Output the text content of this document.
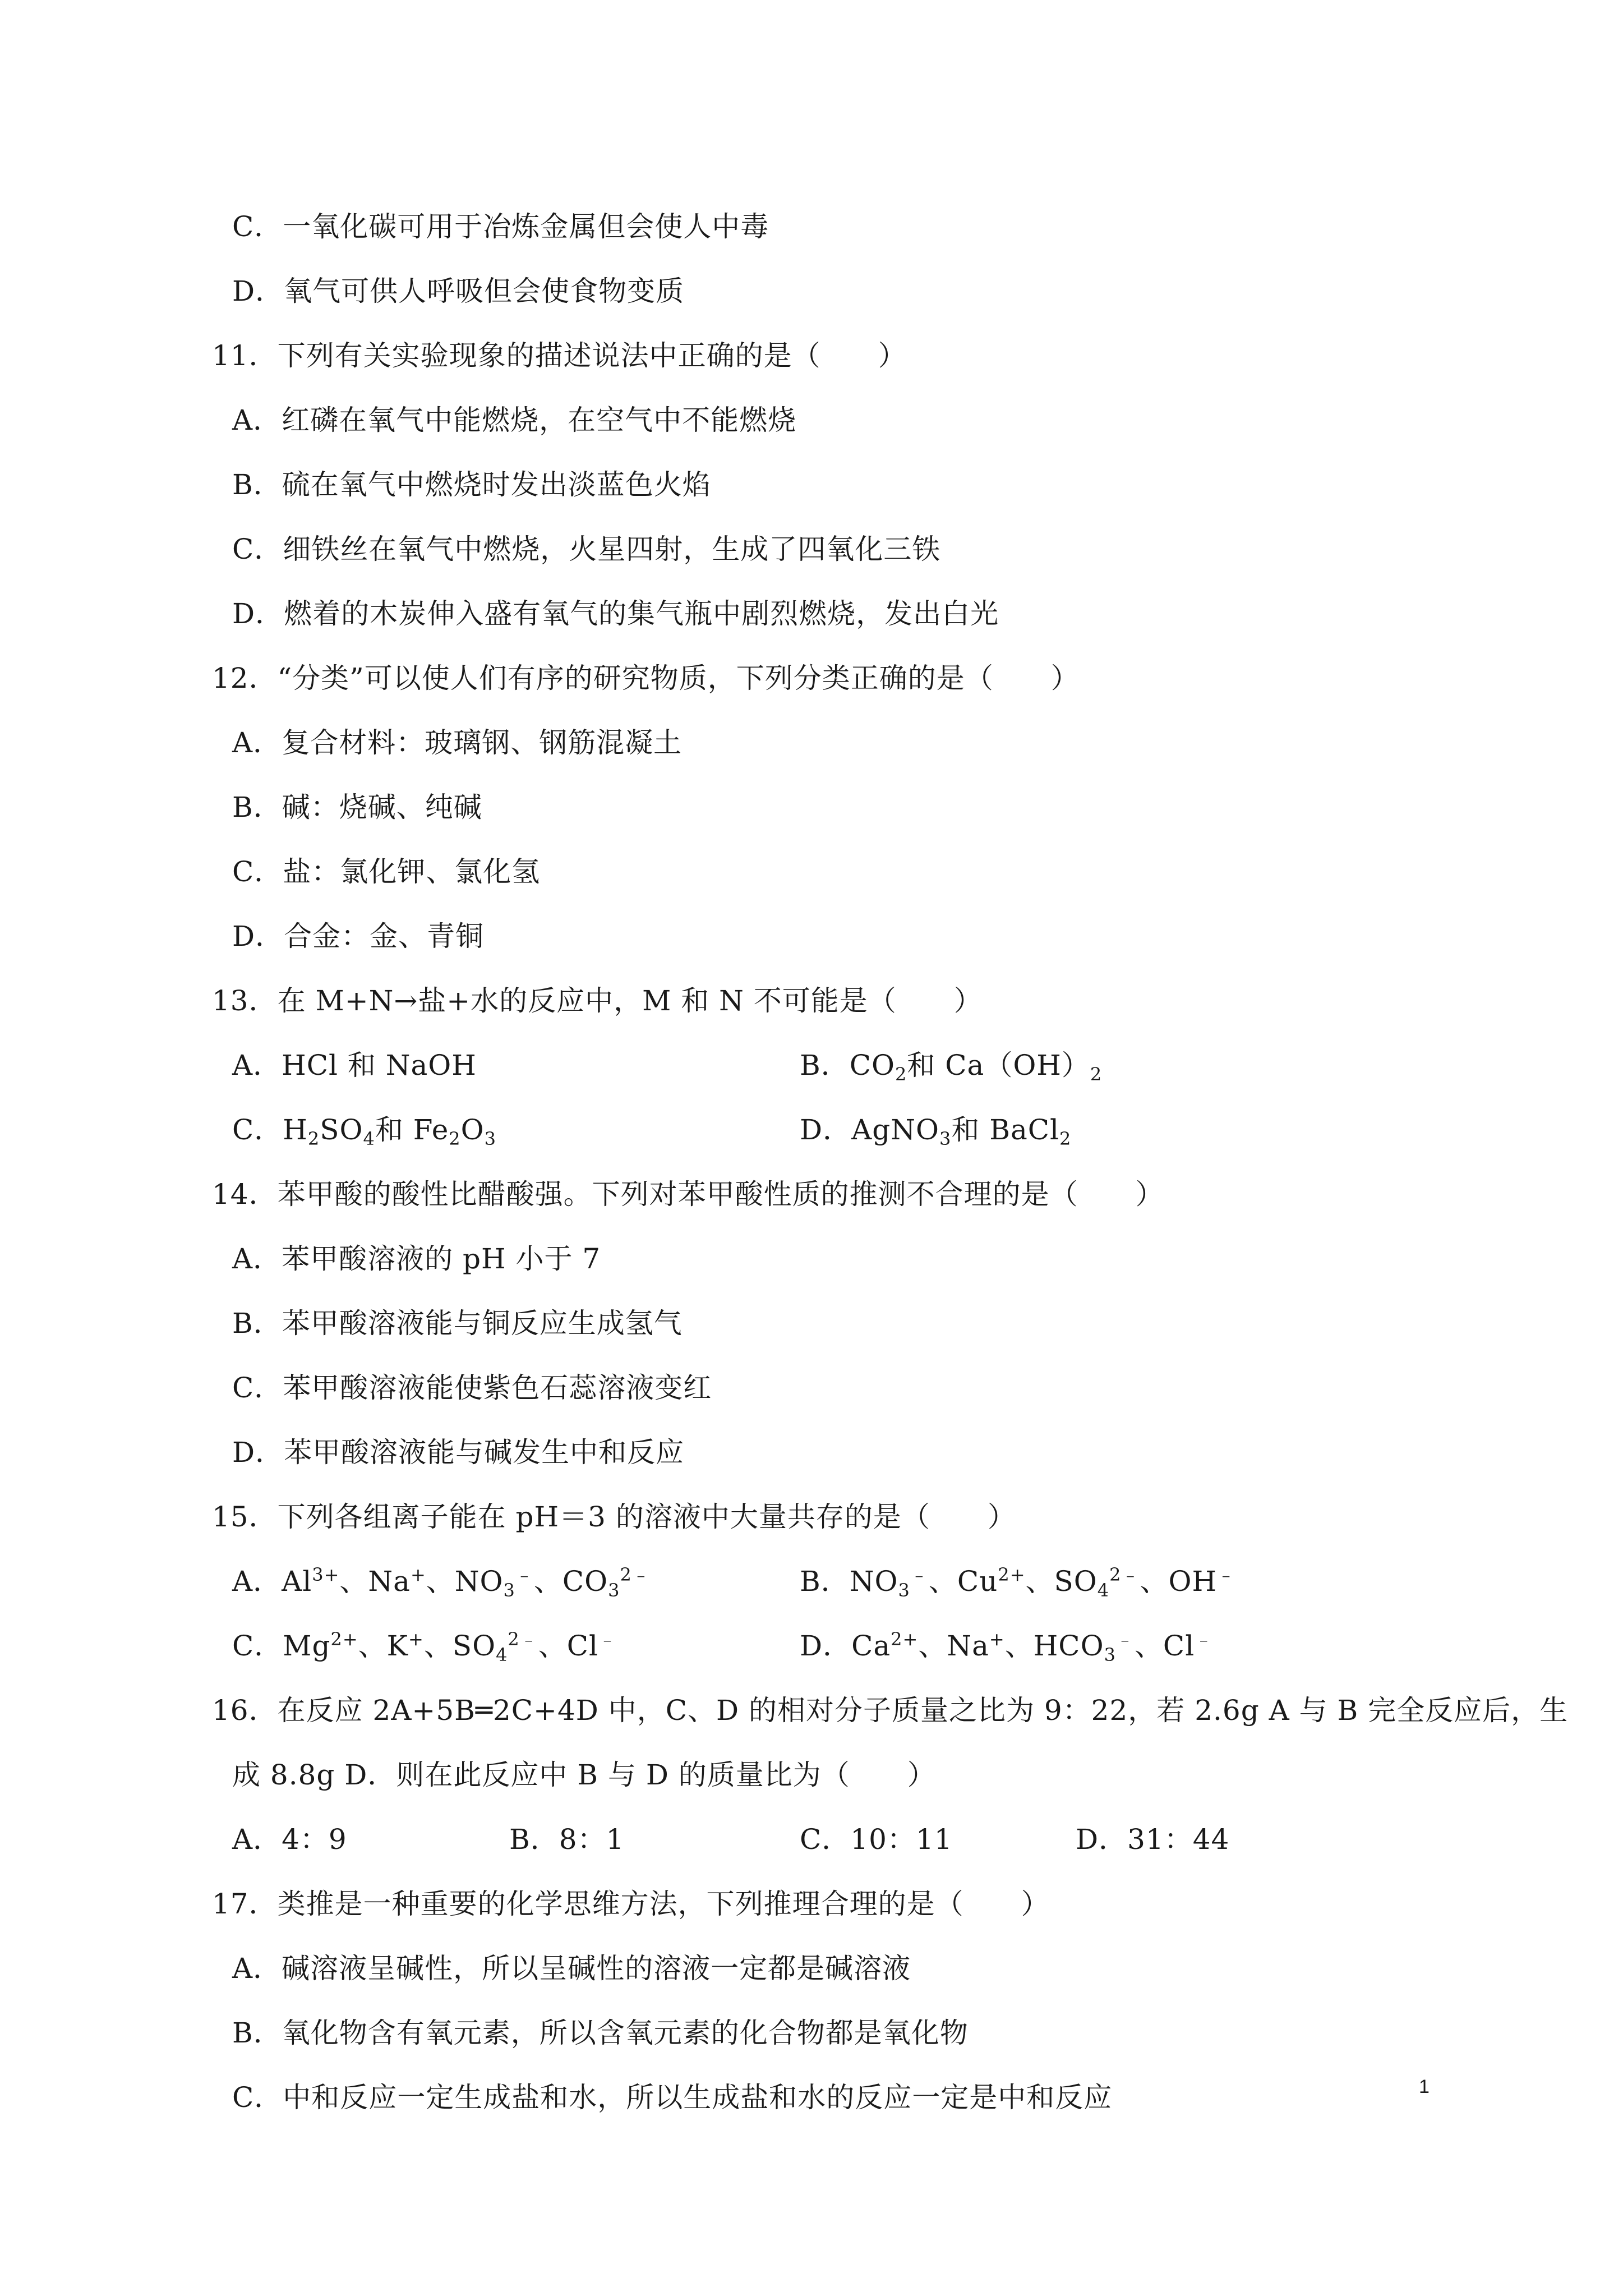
C．一氧化碳可用于冶炼金属但会使人中毒
D．氧气可供人呼吸但会使食物变质
11．下列有关实验现象的描述说法中正确的是（　　）
A．红磷在氧气中能燃烧，在空气中不能燃烧
B．硫在氧气中燃烧时发出淡蓝色火焰
C．细铁丝在氧气中燃烧，火星四射，生成了四氧化三铁
D．燃着的木炭伸入盛有氧气的集气瓶中剧烈燃烧，发出白光
12．“分类”可以使人们有序的研究物质，下列分类正确的是（　　）
A．复合材料：玻璃钢、钢筋混凝土
B．碱：烧碱、纯碱
C．盐：氯化钾、氯化氢
D．合金：金、青铜
13．在 M+N→盐+水的反应中，M 和 N 不可能是（　　）
A．HCl 和 NaOH	B．$CO_2$和 $Ca(OH)_2$
C．$H_2SO_4$和 $Fe_2O_3$	D．AgNO$_3$和 BaCl$_2$
14．苯甲酸的酸性比醋酸强。下列对苯甲酸性质的推测不合理的是（　　）
A．苯甲酸溶液的 pH 小于 7
B．苯甲酸溶液能与铜反应生成氢气
C．苯甲酸溶液能使紫色石蕊溶液变红
D．苯甲酸溶液能与碱发生中和反应
15．下列各组离子能在 pH＝3 的溶液中大量共存的是（　　）
A．$Al^{3+}$、Na+、$NO_3^﹣$、$CO_3^{2﹣}$	B．$NO_3^﹣$、$Cu^{2+}$、$SO_4^{2﹣}$、OH﹣
C．$Mg^{2+}$、K+、$SO_4^{2﹣}$、Cl﹣	D．$Ca^{2+}$、Na+、$HCO_3^﹣$、Cl﹣
16．在反应 2A+5B═2C+4D 中，C、D 的相对分子质量之比为 9：22，若 2.6g A 与 B 完全反应后，生
成 8.8g D．则在此反应中 B 与 D 的质量比为（　　）
A．4：9	B．8：1	C．10：11	D．31：44
17．类推是一种重要的化学思维方法，下列推理合理的是（　　）
A．碱溶液呈碱性，所以呈碱性的溶液一定都是碱溶液
B．氧化物含有氧元素，所以含氧元素的化合物都是氧化物
C．中和反应一定生成盐和水，所以生成盐和水的反应一定是中和反应	1
